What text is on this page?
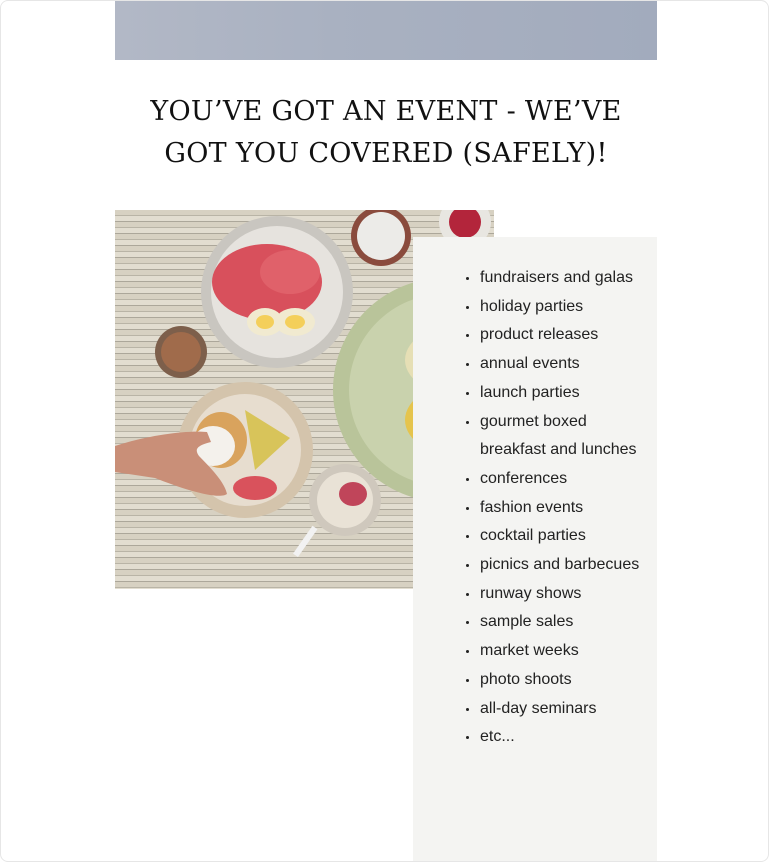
YOU’VE GOT AN EVENT - WE’VE GOT YOU COVERED (SAFELY)!
fundraisers and galas
holiday parties
product releases
annual events
launch parties
gourmet boxed breakfast and lunches
conferences
fashion events
cocktail parties
picnics and barbecues
runway shows
sample sales
market weeks
photo shoots
all-day seminars
etc...
